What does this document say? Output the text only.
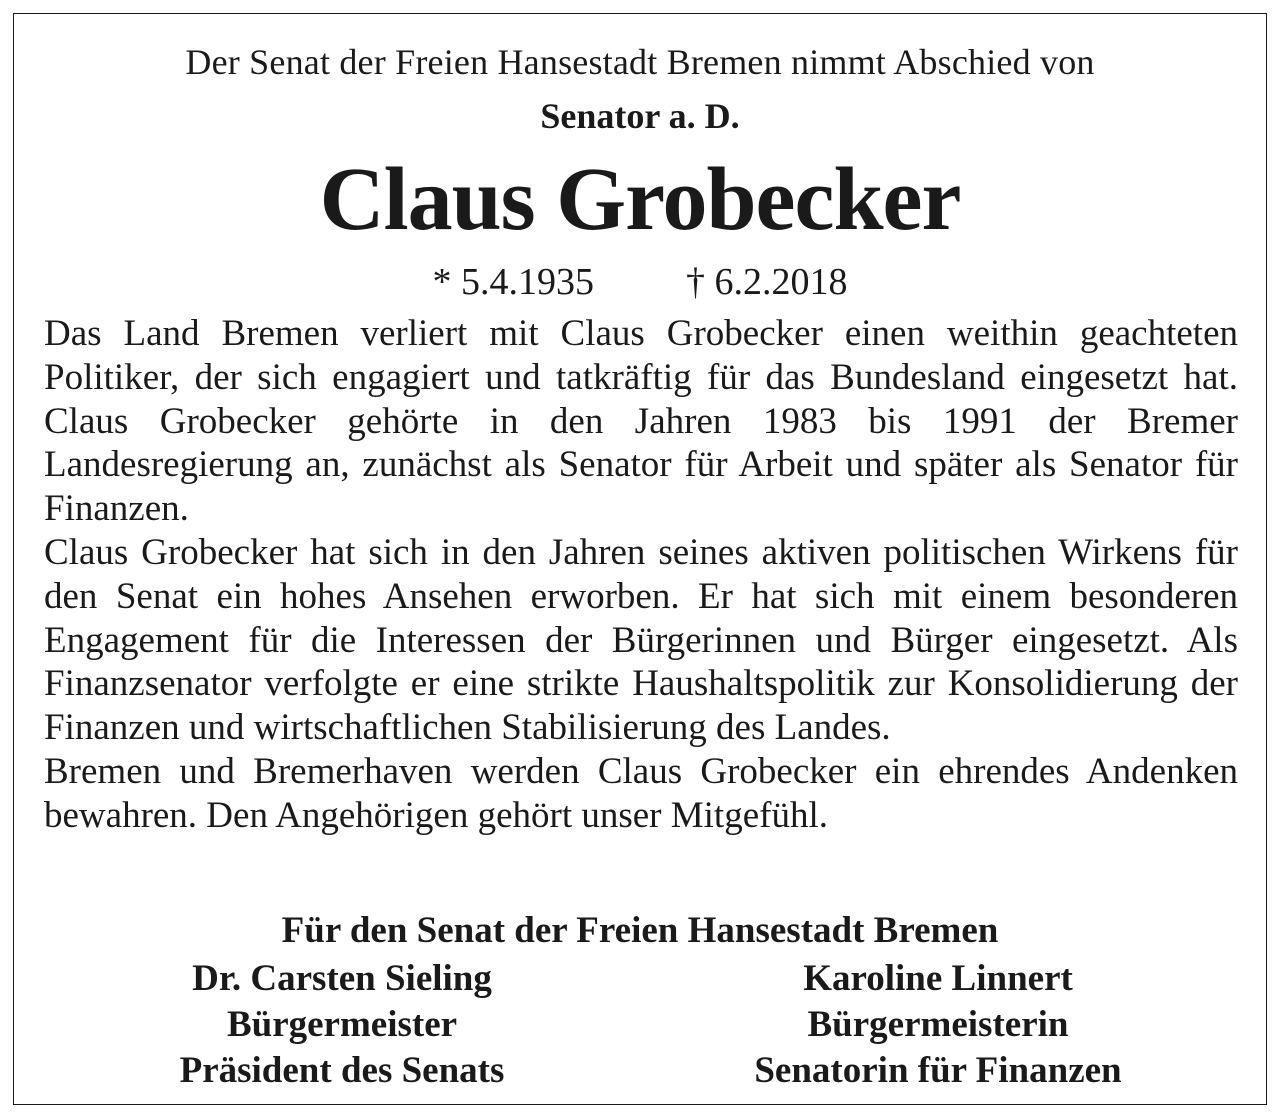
Der Senat der Freien Hansestadt Bremen nimmt Abschied von
Senator a. D.
Claus Grobecker
* 5.4.1935 † 6.2.2018

Das Land Bremen verliert mit Claus Grobecker einen weithin geachteten Politiker, der sich engagiert und tatkräftig für das Bundesland eingesetzt hat. Claus Grobecker gehörte in den Jahren 1983 bis 1991 der Bremer Landesregierung an, zunächst als Senator für Arbeit und später als Senator für Finanzen.

Claus Grobecker hat sich in den Jahren seines aktiven politischen Wirkens für den Senat ein hohes Ansehen erworben. Er hat sich mit einem besonderen Engagement für die Interessen der Bürgerinnen und Bürger eingesetzt. Als Finanzsenator verfolgte er eine strikte Haushaltspolitik zur Konsolidierung der Finanzen und wirtschaftlichen Stabilisierung des Landes.

Bremen und Bremerhaven werden Claus Grobecker ein ehrendes Andenken bewahren. Den Angehörigen gehört unser Mitgefühl.

Für den Senat der Freien Hansestadt Bremen
Dr. Carsten Sieling
Bürgermeister
Präsident des Senats
Karoline Linnert
Bürgermeisterin
Senatorin für Finanzen
